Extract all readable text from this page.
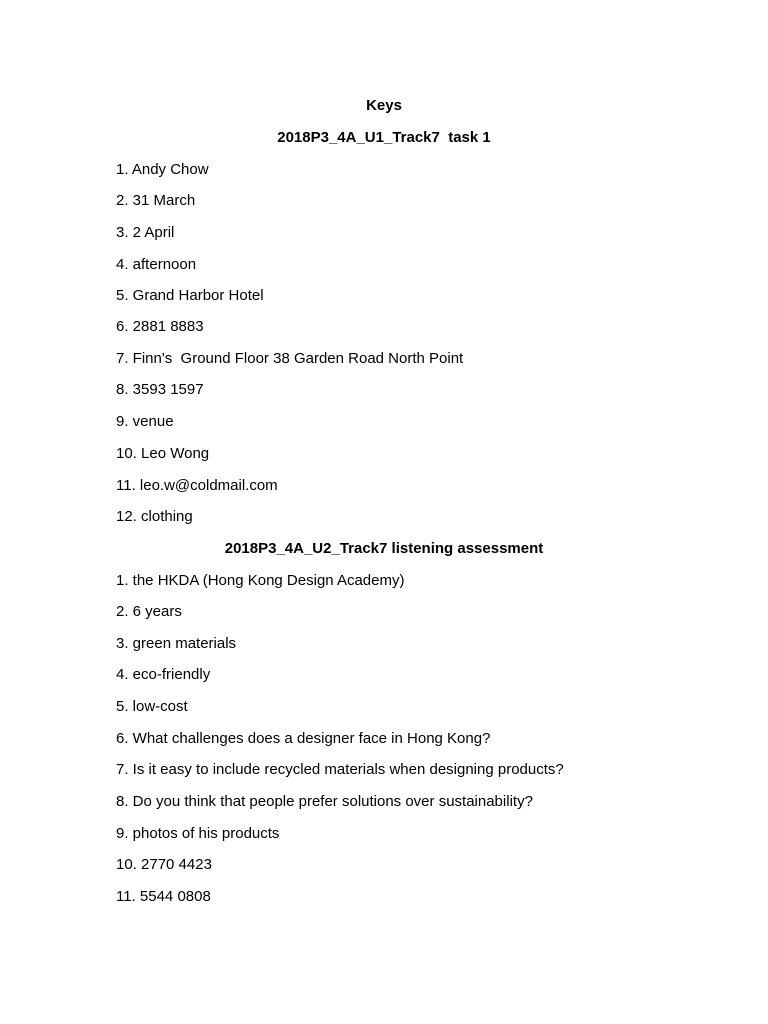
Keys
2018P3_4A_U1_Track7  task 1
1. Andy Chow
2. 31 March
3. 2 April
4. afternoon
5. Grand Harbor Hotel
6. 2881 8883
7. Finn's  Ground Floor 38 Garden Road North Point
8. 3593 1597
9. venue
10. Leo Wong
11. leo.w@coldmail.com
12. clothing
2018P3_4A_U2_Track7 listening assessment
1. the HKDA (Hong Kong Design Academy)
2. 6 years
3. green materials
4. eco-friendly
5. low-cost
6. What challenges does a designer face in Hong Kong?
7. Is it easy to include recycled materials when designing products?
8. Do you think that people prefer solutions over sustainability?
9. photos of his products
10. 2770 4423
11. 5544 0808
